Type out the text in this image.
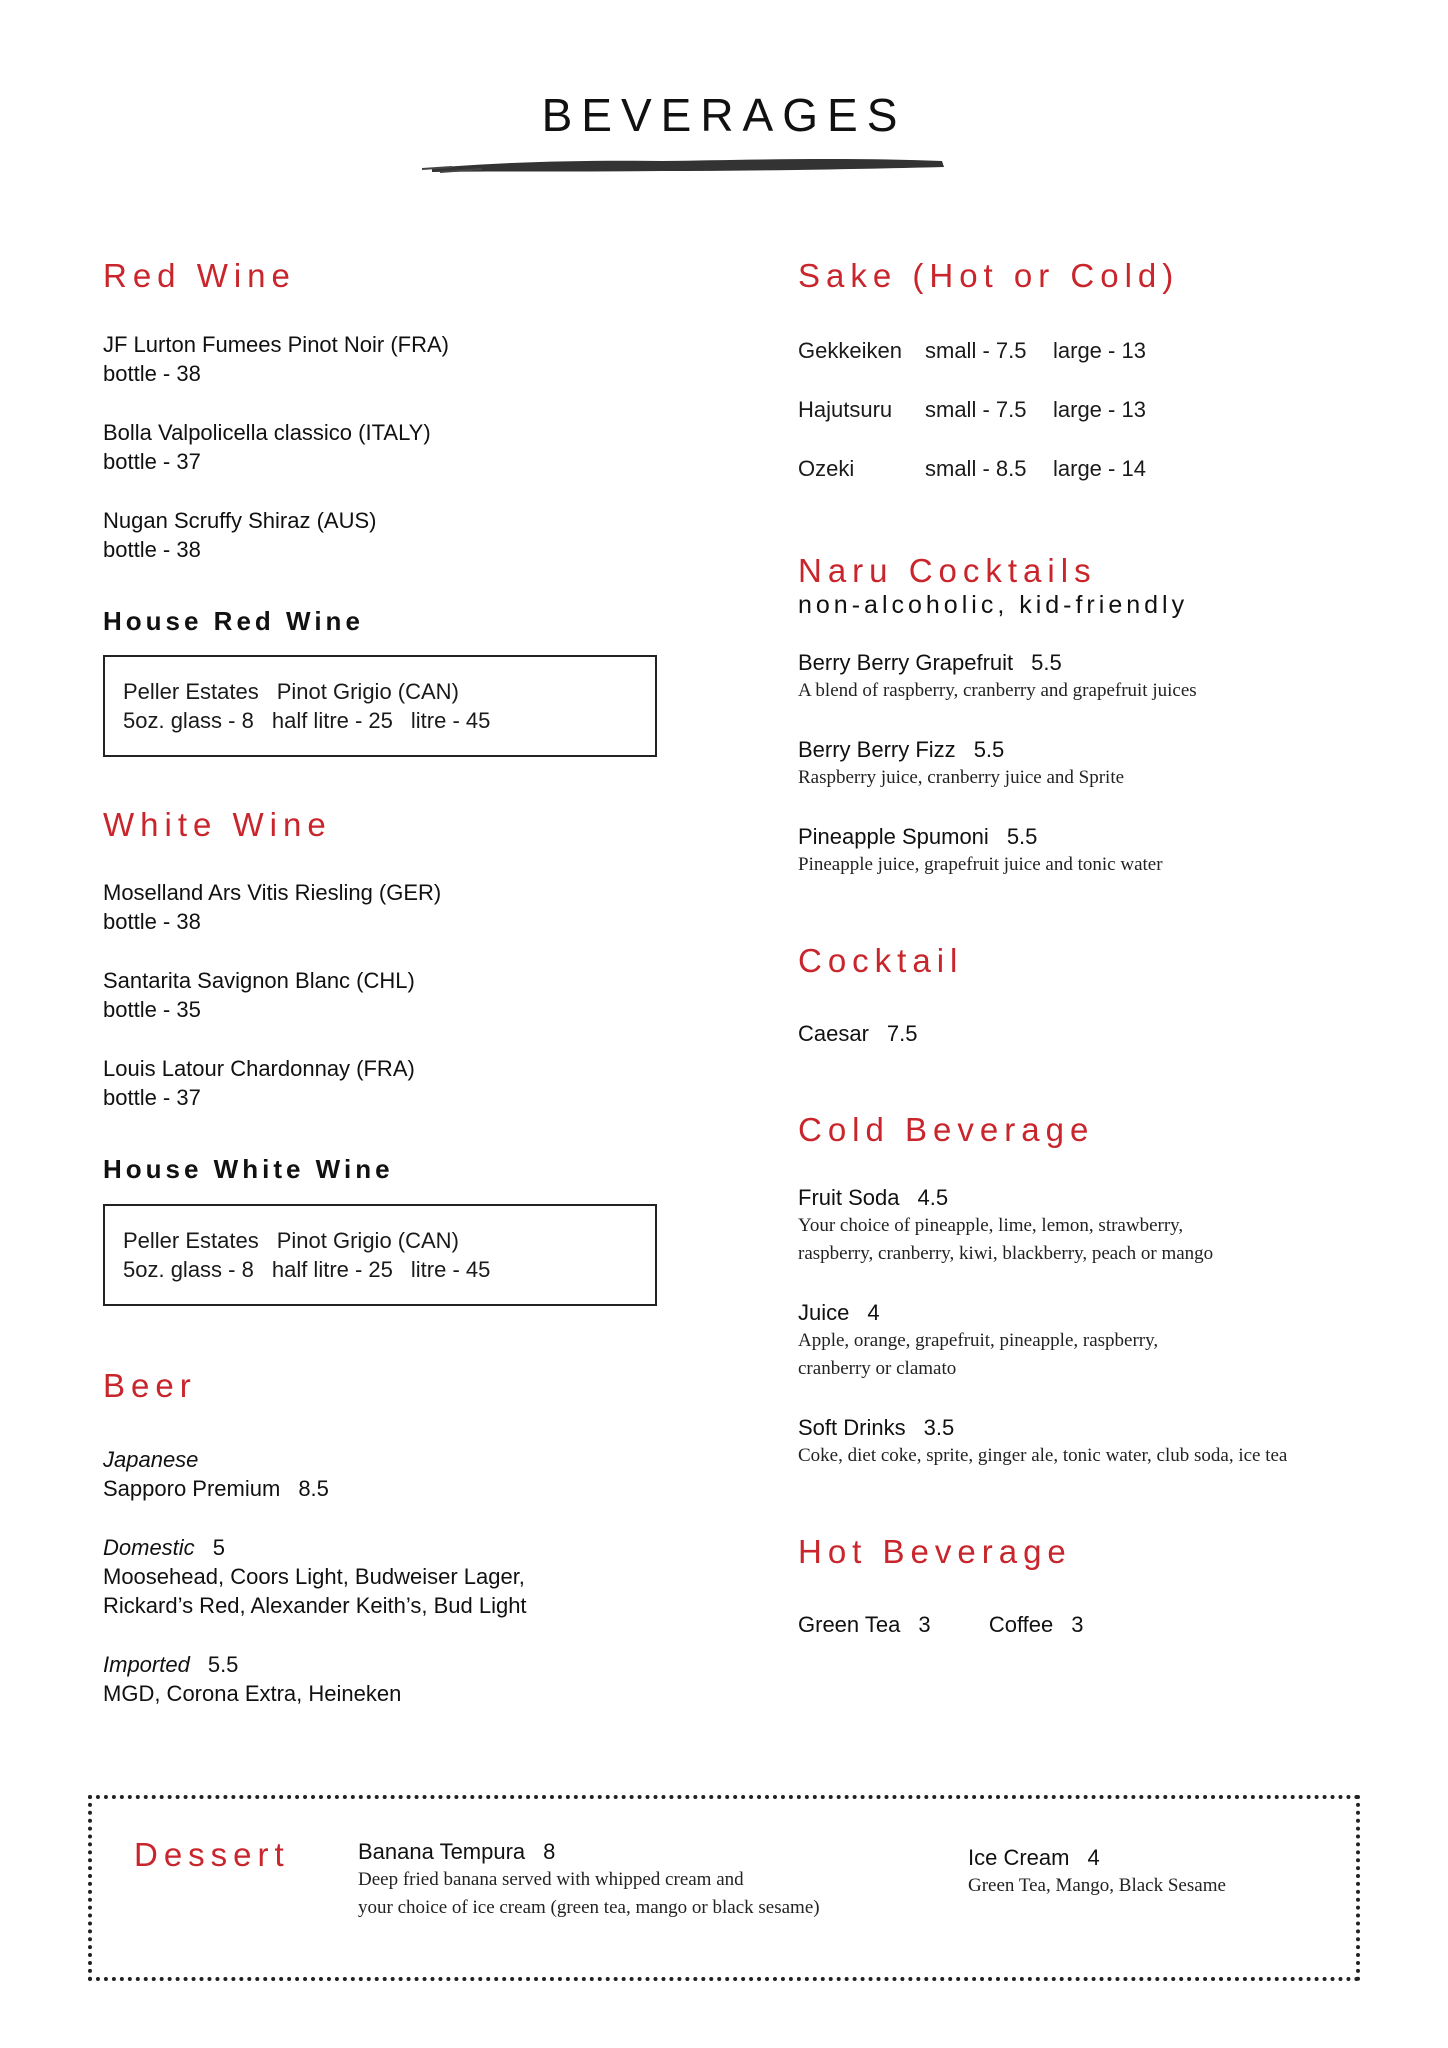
BEVERAGES
Red Wine
JF Lurton Fumees Pinot Noir (FRA)
bottle - 38
Bolla Valpolicella classico (ITALY)
bottle - 37
Nugan Scruffy Shiraz (AUS)
bottle - 38
House Red Wine
Peller Estates Pinot Grigio (CAN)
5oz. glass - 8 half litre - 25 litre - 45
White Wine
Moselland Ars Vitis Riesling (GER)
bottle - 38
Santarita Savignon Blanc (CHL)
bottle - 35
Louis Latour Chardonnay (FRA)
bottle - 37
House White Wine
Peller Estates Pinot Grigio (CAN)
5oz. glass - 8 half litre - 25 litre - 45
Beer
Japanese
Sapporo Premium 8.5
Domestic 5
Moosehead, Coors Light, Budweiser Lager,
Rickard’s Red, Alexander Keith’s, Bud Light
Imported 5.5
MGD, Corona Extra, Heineken
Sake (Hot or Cold)
Gekkeiken	small - 7.5	large - 13
Hajutsuru	small - 7.5	large - 13
Ozeki	small - 8.5	large - 14
Naru Cocktails
non-alcoholic, kid-friendly
Berry Berry Grapefruit 5.5
A blend of raspberry, cranberry and grapefruit juices
Berry Berry Fizz 5.5
Raspberry juice, cranberry juice and Sprite
Pineapple Spumoni 5.5
Pineapple juice, grapefruit juice and tonic water
Cocktail
Caesar 7.5
Cold Beverage
Fruit Soda 4.5
Your choice of pineapple, lime, lemon, strawberry,
raspberry, cranberry, kiwi, blackberry, peach or mango
Juice 4
Apple, orange, grapefruit, pineapple, raspberry,
cranberry or clamato
Soft Drinks 3.5
Coke, diet coke, sprite, ginger ale, tonic water, club soda, ice tea
Hot Beverage
Green Tea 3	Coffee 3
Dessert	Banana Tempura 8
Deep fried banana served with whipped cream and
your choice of ice cream (green tea, mango or black sesame)
Ice Cream 4
Green Tea, Mango, Black Sesame
